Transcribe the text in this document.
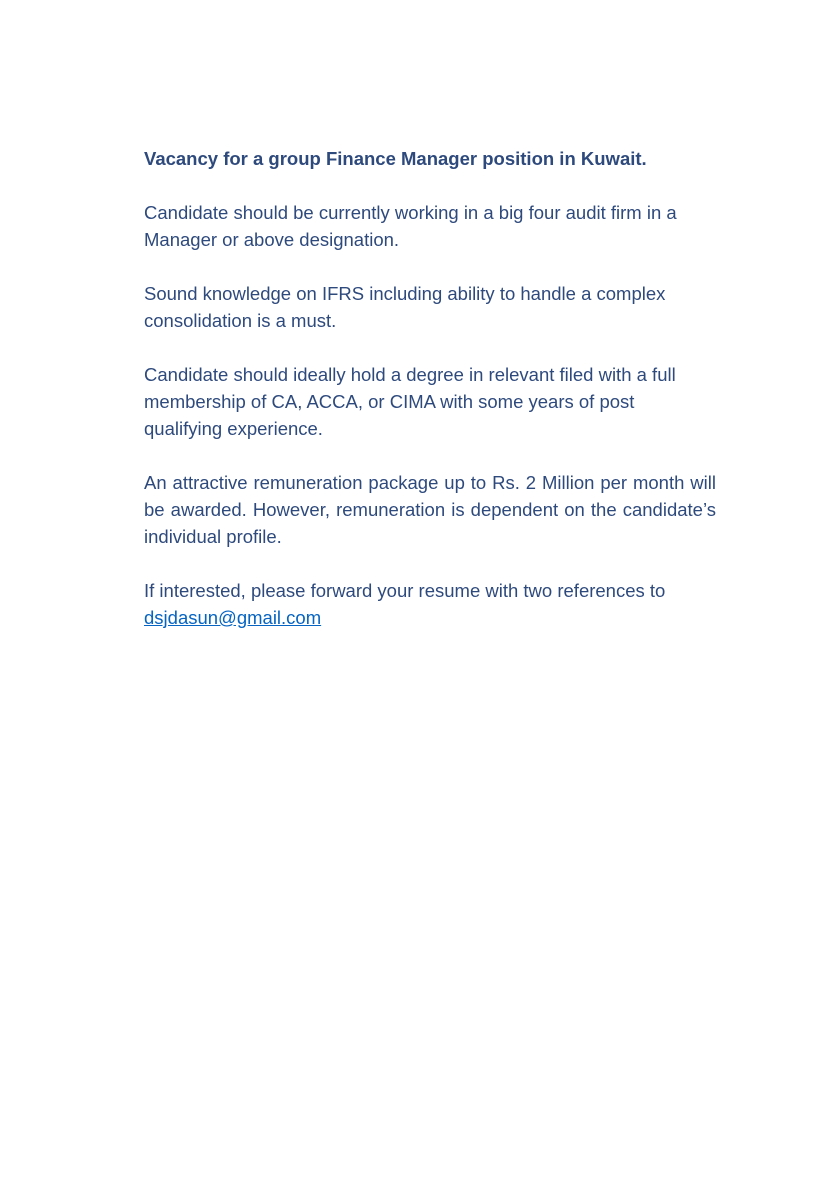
Vacancy for a group Finance Manager position in Kuwait.

Candidate should be currently working in a big four audit firm in a Manager or above designation.

Sound knowledge on IFRS including ability to handle a complex consolidation is a must.

Candidate should ideally hold a degree in relevant filed with a full membership of CA, ACCA, or CIMA with some years of post qualifying experience.

An attractive remuneration package up to Rs. 2 Million per month will be awarded. However, remuneration is dependent on the candidate’s individual profile.

If interested, please forward your resume with two references to dsjdasun@gmail.com
